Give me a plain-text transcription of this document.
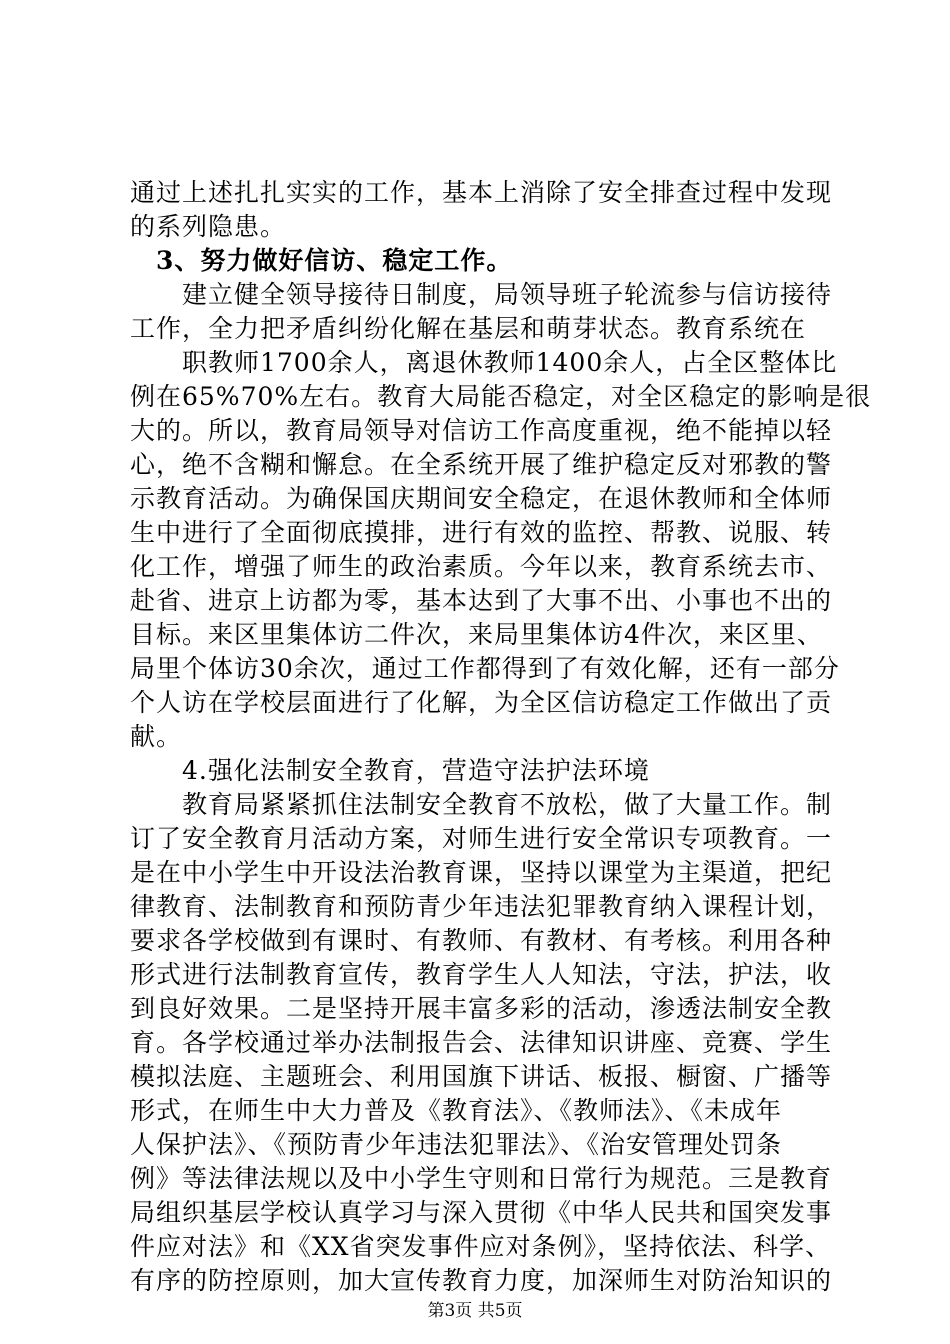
通过上述扎扎实实的工作，基本上消除了安全排查过程中发现
的系列隐患。
　3、努力做好信访、稳定工作。
　　建立健全领导接待日制度，局领导班子轮流参与信访接待
工作，全力把矛盾纠纷化解在基层和萌芽状态。教育系统在
　　职教师1700余人，离退休教师1400余人，占全区整体比
例在65%70%左右。教育大局能否稳定，对全区稳定的影响是很
大的。所以，教育局领导对信访工作高度重视，绝不能掉以轻
心，绝不含糊和懈怠。在全系统开展了维护稳定反对邪教的警
示教育活动。为确保国庆期间安全稳定，在退休教师和全体师
生中进行了全面彻底摸排，进行有效的监控、帮教、说服、转
化工作，增强了师生的政治素质。今年以来，教育系统去市、
赴省、进京上访都为零，基本达到了大事不出、小事也不出的
目标。来区里集体访二件次，来局里集体访4件次，来区里、
局里个体访30余次，通过工作都得到了有效化解，还有一部分
个人访在学校层面进行了化解，为全区信访稳定工作做出了贡
献。
　　4.强化法制安全教育，营造守法护法环境
　　教育局紧紧抓住法制安全教育不放松，做了大量工作。制
订了安全教育月活动方案，对师生进行安全常识专项教育。一
是在中小学生中开设法治教育课，坚持以课堂为主渠道，把纪
律教育、法制教育和预防青少年违法犯罪教育纳入课程计划，
要求各学校做到有课时、有教师、有教材、有考核。利用各种
形式进行法制教育宣传，教育学生人人知法，守法，护法，收
到良好效果。二是坚持开展丰富多彩的活动，渗透法制安全教
育。各学校通过举办法制报告会、法律知识讲座、竞赛、学生
模拟法庭、主题班会、利用国旗下讲话、板报、橱窗、广播等
形式，在师生中大力普及《教育法》、《教师法》、《未成年
人保护法》、《预防青少年违法犯罪法》、《治安管理处罚条
例》等法律法规以及中小学生守则和日常行为规范。三是教育
局组织基层学校认真学习与深入贯彻《中华人民共和国突发事
件应对法》和《XX省突发事件应对条例》，坚持依法、科学、
有序的防控原则，加大宣传教育力度，加深师生对防治知识的
第3页 共5页
